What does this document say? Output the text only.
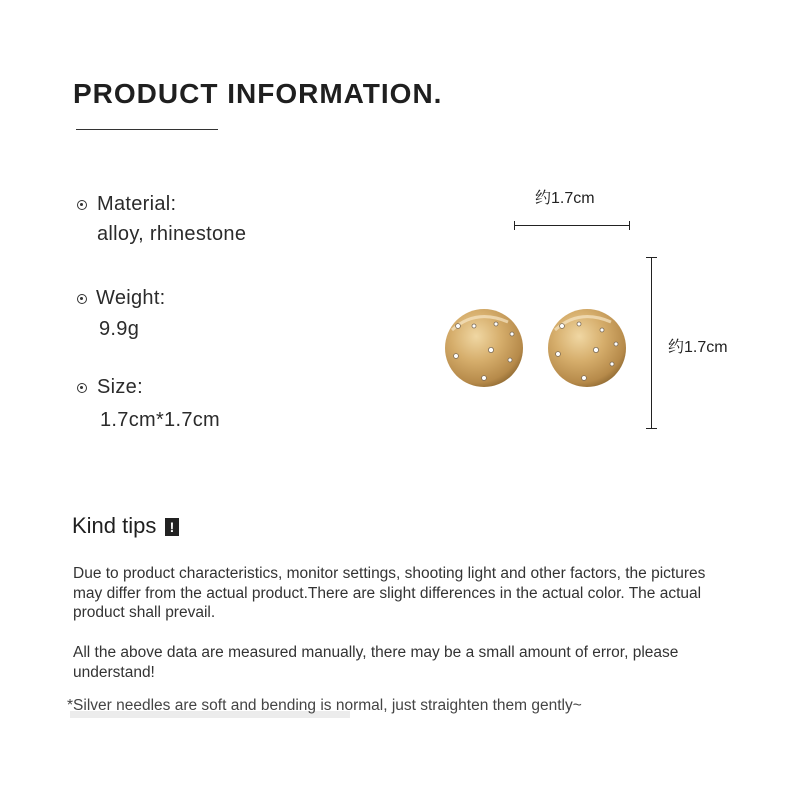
PRODUCT INFORMATION.
Material:
alloy, rhinestone
Weight:
9.9g
Size:
1.7cm*1.7cm
约1.7cm
约1.7cm
Kind tips !
Due to product characteristics, monitor settings, shooting light and other factors, the pictures may differ from the actual product.There are slight differences in the actual color. The actual product shall prevail.
All the above data are measured manually, there may be a small amount of error, please understand!
*Silver needles are soft and bending is normal, just straighten them gently~
